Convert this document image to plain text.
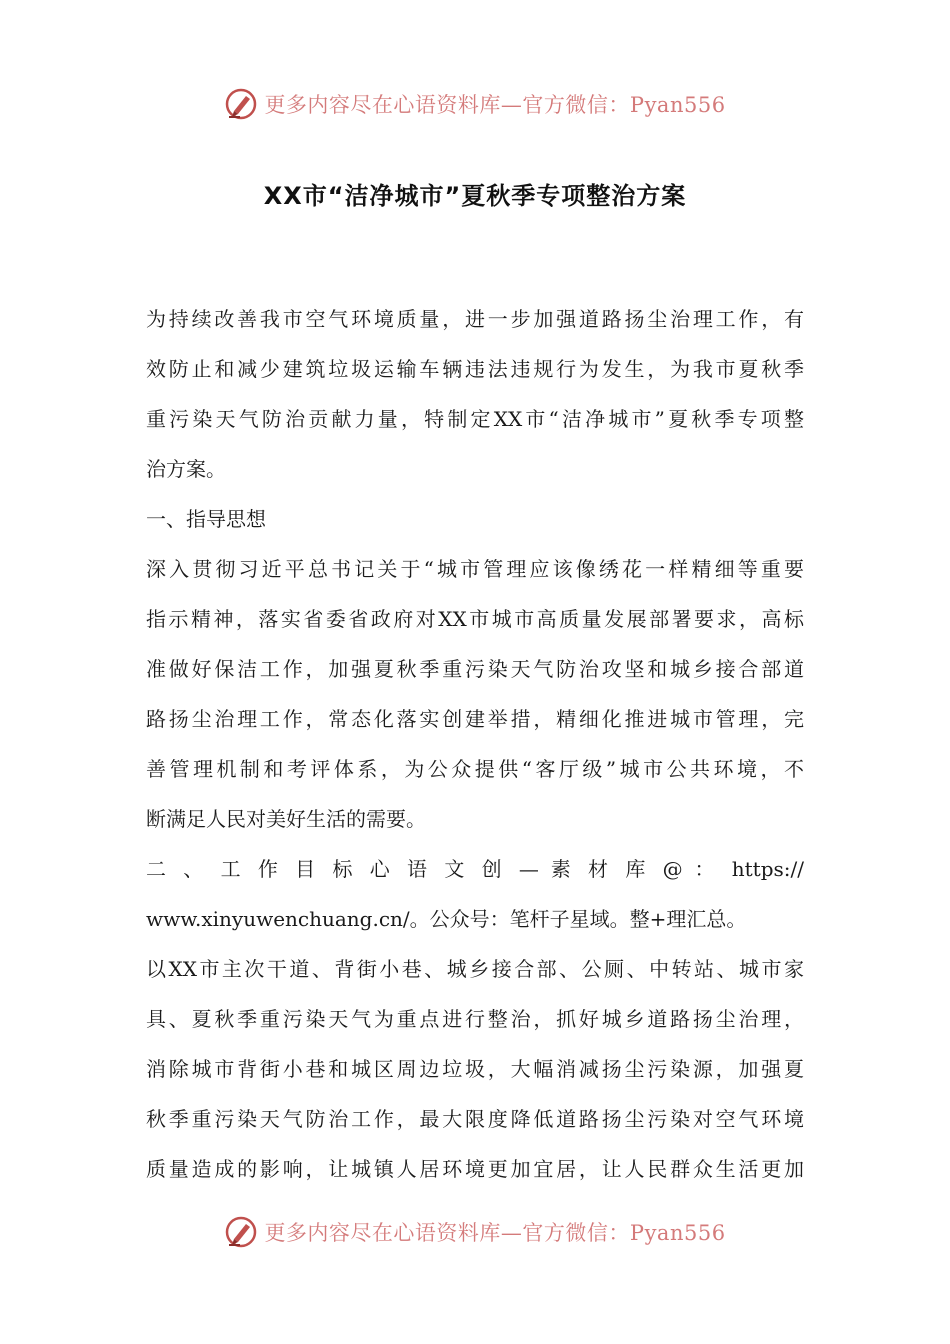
更多内容尽在心语资料库—官方微信：Pyan556
XX市“洁净城市”夏秋季专项整治方案
为持续改善我市空气环境质量，进一步加强道路扬尘治理工作，有
效防止和减少建筑垃圾运输车辆违法违规行为发生，为我市夏秋季
重污染天气防治贡献力量，特制定XX市“洁净城市”夏秋季专项整
治方案。
一、指导思想
深入贯彻习近平总书记关于“城市管理应该像绣花一样精细等重要
指示精神，落实省委省政府对XX市城市高质量发展部署要求，高标
准做好保洁工作，加强夏秋季重污染天气防治攻坚和城乡接合部道
路扬尘治理工作，常态化落实创建举措，精细化推进城市管理，完
善管理机制和考评体系，为公众提供“客厅级”城市公共环境，不
断满足人民对美好生活的需要。
二 、 工 作 目 标 心 语 文 创 — 素 材 库 @ ： https://
www.xinyuwenchuang.cn/。公众号：笔杆子星域。整+理汇总。
以XX市主次干道、背街小巷、城乡接合部、公厕、中转站、城市家
具、夏秋季重污染天气为重点进行整治，抓好城乡道路扬尘治理，
消除城市背街小巷和城区周边垃圾，大幅消减扬尘污染源，加强夏
秋季重污染天气防治工作，最大限度降低道路扬尘污染对空气环境
质量造成的影响，让城镇人居环境更加宜居，让人民群众生活更加
更多内容尽在心语资料库—官方微信：Pyan556
